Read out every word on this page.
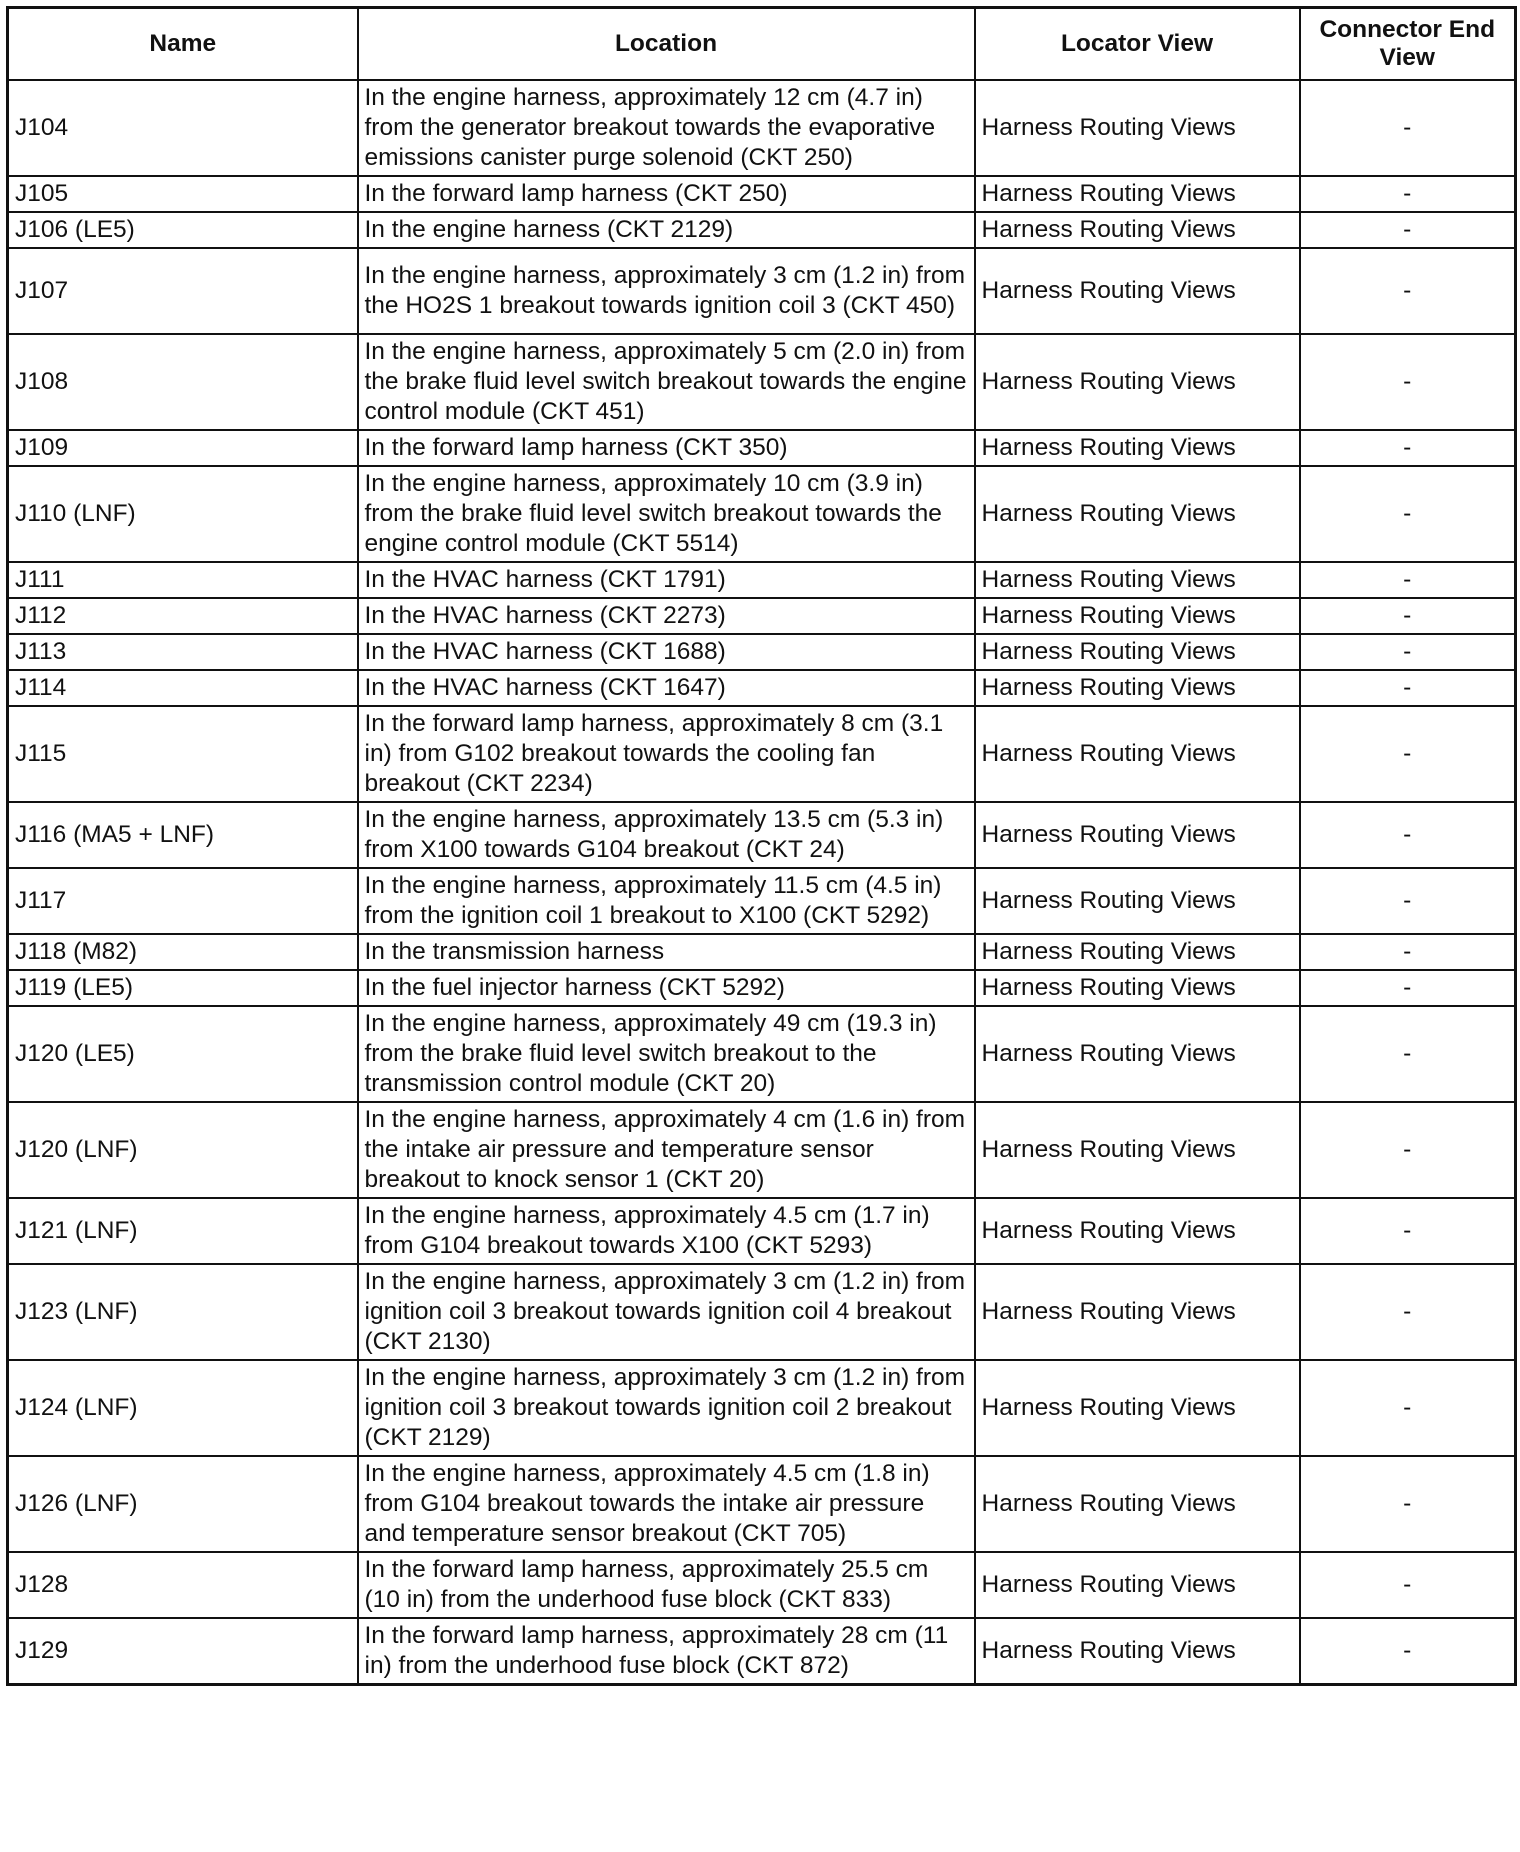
Name	Location	Locator View	Connector End View
J104	In the engine harness, approximately 12 cm (4.7 in) from the generator breakout towards the evaporative emissions canister purge solenoid (CKT 250)	Harness Routing Views	-
J105	In the forward lamp harness (CKT 250)	Harness Routing Views	-
J106 (LE5)	In the engine harness (CKT 2129)	Harness Routing Views	-
J107	In the engine harness, approximately 3 cm (1.2 in) from the HO2S 1 breakout towards ignition coil 3 (CKT 450)	Harness Routing Views	-
J108	In the engine harness, approximately 5 cm (2.0 in) from the brake fluid level switch breakout towards the engine control module (CKT 451)	Harness Routing Views	-
J109	In the forward lamp harness (CKT 350)	Harness Routing Views	-
J110 (LNF)	In the engine harness, approximately 10 cm (3.9 in) from the brake fluid level switch breakout towards the engine control module (CKT 5514)	Harness Routing Views	-
J111	In the HVAC harness (CKT 1791)	Harness Routing Views	-
J112	In the HVAC harness (CKT 2273)	Harness Routing Views	-
J113	In the HVAC harness (CKT 1688)	Harness Routing Views	-
J114	In the HVAC harness (CKT 1647)	Harness Routing Views	-
J115	In the forward lamp harness, approximately 8 cm (3.1 in) from G102 breakout towards the cooling fan breakout (CKT 2234)	Harness Routing Views	-
J116 (MA5 + LNF)	In the engine harness, approximately 13.5 cm (5.3 in) from X100 towards G104 breakout (CKT 24)	Harness Routing Views	-
J117	In the engine harness, approximately 11.5 cm (4.5 in) from the ignition coil 1 breakout to X100 (CKT 5292)	Harness Routing Views	-
J118 (M82)	In the transmission harness	Harness Routing Views	-
J119 (LE5)	In the fuel injector harness (CKT 5292)	Harness Routing Views	-
J120 (LE5)	In the engine harness, approximately 49 cm (19.3 in) from the brake fluid level switch breakout to the transmission control module (CKT 20)	Harness Routing Views	-
J120 (LNF)	In the engine harness, approximately 4 cm (1.6 in) from the intake air pressure and temperature sensor breakout to knock sensor 1 (CKT 20)	Harness Routing Views	-
J121 (LNF)	In the engine harness, approximately 4.5 cm (1.7 in) from G104 breakout towards X100 (CKT 5293)	Harness Routing Views	-
J123 (LNF)	In the engine harness, approximately 3 cm (1.2 in) from ignition coil 3 breakout towards ignition coil 4 breakout (CKT 2130)	Harness Routing Views	-
J124 (LNF)	In the engine harness, approximately 3 cm (1.2 in) from ignition coil 3 breakout towards ignition coil 2 breakout (CKT 2129)	Harness Routing Views	-
J126 (LNF)	In the engine harness, approximately 4.5 cm (1.8 in) from G104 breakout towards the intake air pressure and temperature sensor breakout (CKT 705)	Harness Routing Views	-
J128	In the forward lamp harness, approximately 25.5 cm (10 in) from the underhood fuse block (CKT 833)	Harness Routing Views	-
J129	In the forward lamp harness, approximately 28 cm (11 in) from the underhood fuse block (CKT 872)	Harness Routing Views	-
